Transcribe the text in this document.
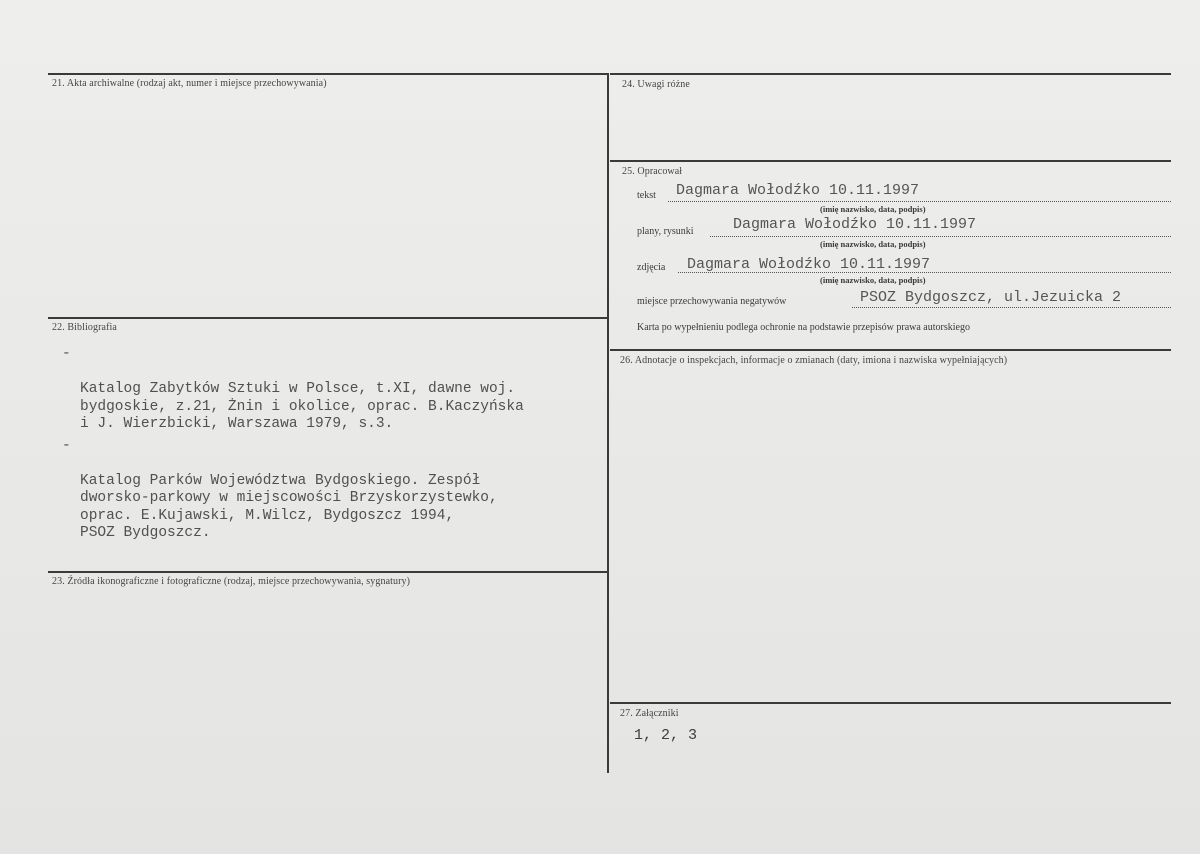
21. Akta archiwalne (rodzaj akt, numer i miejsce przechowywania)	24. Uwagi różne
25. Opracował
22. Bibliografia
26. Adnotacje o inspekcjach, informacje o zmianach (daty, imiona i nazwiska wypełniających)
23. Źródła ikonograficzne i fotograficzne (rodzaj, miejsce przechowywania, sygnatury)
27. Załączniki
tekst Dagmara Wołodźko 10.11.1997
(imię nazwisko, data, podpis)
plany, rysunki	Dagmara Wołodźko 10.11.1997
(imię nazwisko, data, podpis)
zdjęcia Dagmara Wołodźko 10.11.1997
(imię nazwisko, data, podpis)
miejsce przechowywania negatywów	PSOZ Bydgoszcz, ul.Jezuicka 2
Karta po wypełnieniu podlega ochronie na podstawie przepisów prawa autorskiego

-

Katalog Zabytków Sztuki w Polsce, t.XI, dawne woj.
bydgoskie, z.21, Żnin i okolice, oprac. B.Kaczyńska
i J. Wierzbicki, Warszawa 1979, s.3.

-

Katalog Parków Województwa Bydgoskiego. Zespół
dworsko-parkowy w miejscowości Brzyskorzystewko,
oprac. E.Kujawski, M.Wilcz, Bydgoszcz 1994,
PSOZ Bydgoszcz.

1, 2, 3
